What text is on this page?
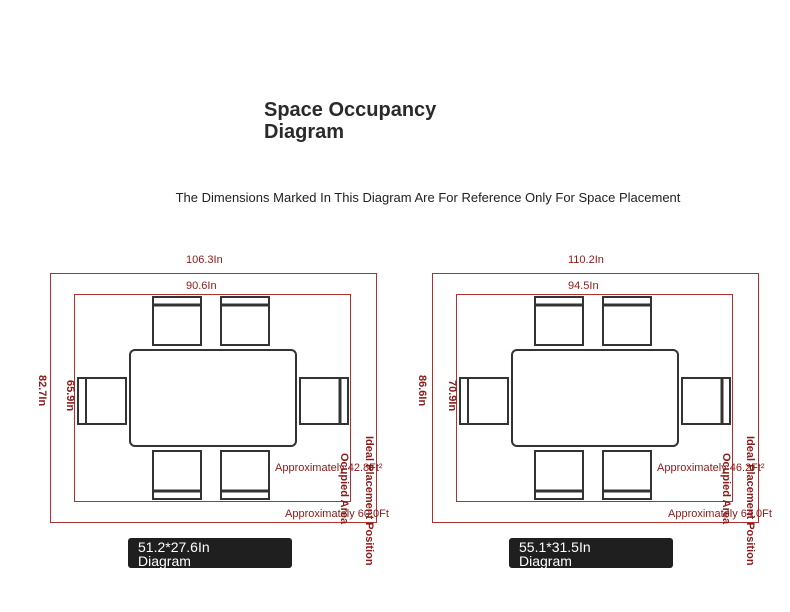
Space Occupancy
Diagram
The Dimensions Marked In This Diagram Are For Reference Only For Space Placement
106.3In
90.6In
82.7In 65.9In
Approximately 42.8Ft²
Ocupied Area
Approximately 60.0Ft
Ideal Placement Position
51.2*27.6In
Diagram
110.2In
94.5In
86.6In 70.9In
Approximately 46.2Ft²
Ocupied Area
Approximately 64.0Ft
Ideal Placement Position
55.1*31.5In
Diagram
